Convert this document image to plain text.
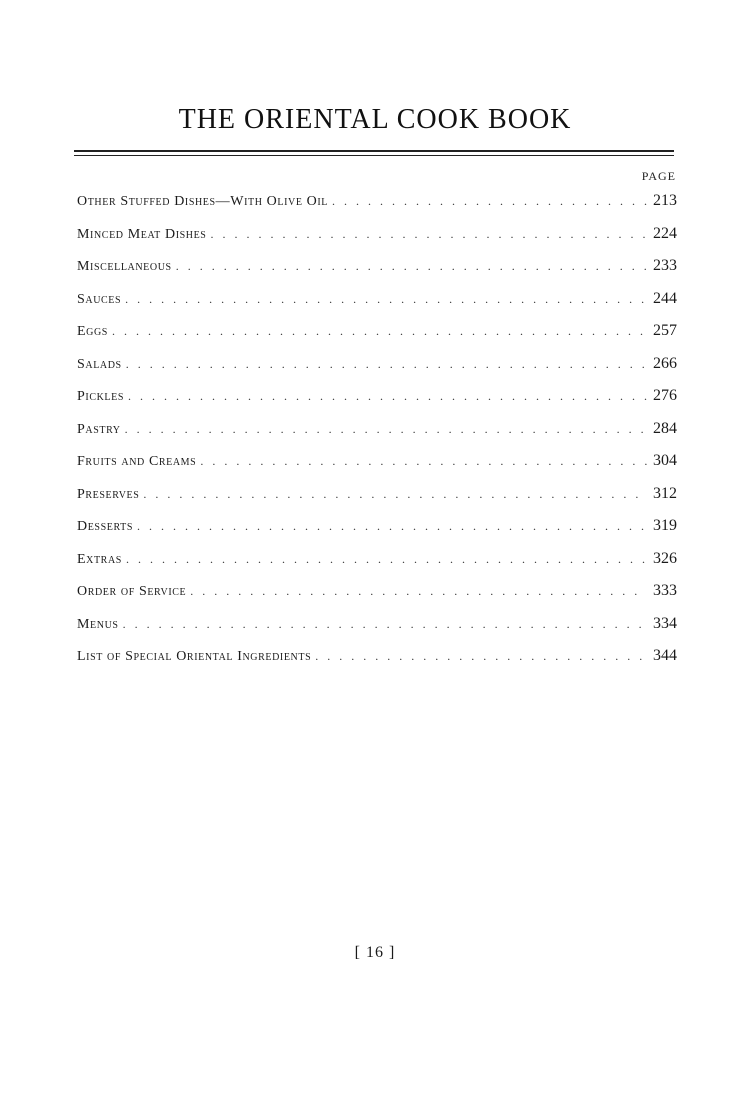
THE ORIENTAL COOK BOOK
PAGE
Other Stuffed Dishes—With Olive Oil . . .	213
Minced Meat Dishes . . .	224
Miscellaneous . . .	233
Sauces . . .	244
Eggs . . .	257
Salads . . .	266
Pickles . . .	276
Pastry . . .	284
Fruits and Creams . . .	304
Preserves . . .	312
Desserts . . .	319
Extras . . .	326
Order of Service . . .	333
Menus . . .	334
List of Special Oriental Ingredients . . .	344
[ 16 ]
